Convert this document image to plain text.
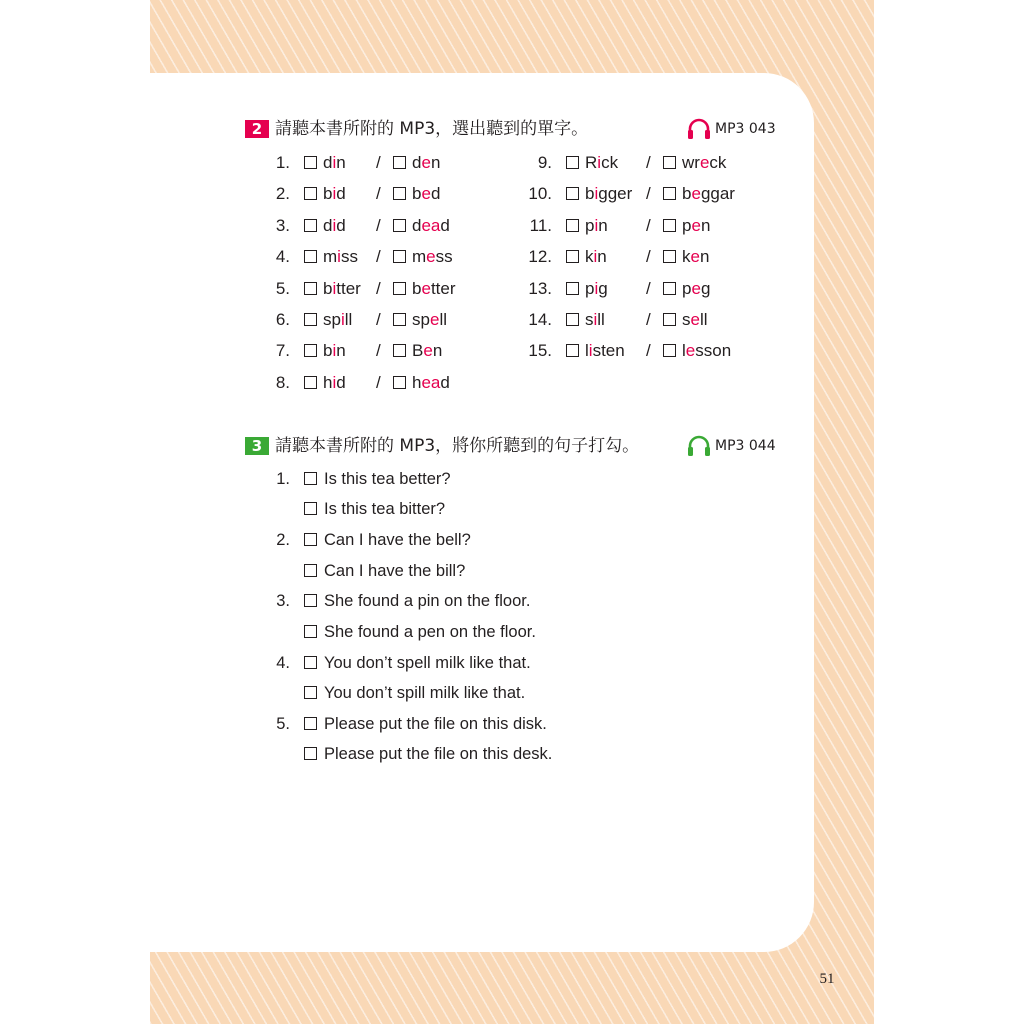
2 請聽本書所附的 MP3，選出聽到的單字。	MP3 043
1. din / den
2. bid / bed
3. did / dead
4. miss / mess
5. bitter / better
6. spill / spell
7. bin / Ben
8. hid / head
9. Rick / wreck
10. bigger / beggar
11. pin / pen
12. kin / ken
13. pig / peg
14. sill / sell
15. listen / lesson
3 請聽本書所附的 MP3，將你所聽到的句子打勾。	MP3 044
1. Is this tea better?
Is this tea bitter?
2. Can I have the bell?
Can I have the bill?
3. She found a pin on the floor.
She found a pen on the floor.
4. You don’t spell milk like that.
You don’t spill milk like that.
5. Please put the file on this disk.
Please put the file on this desk.
51
